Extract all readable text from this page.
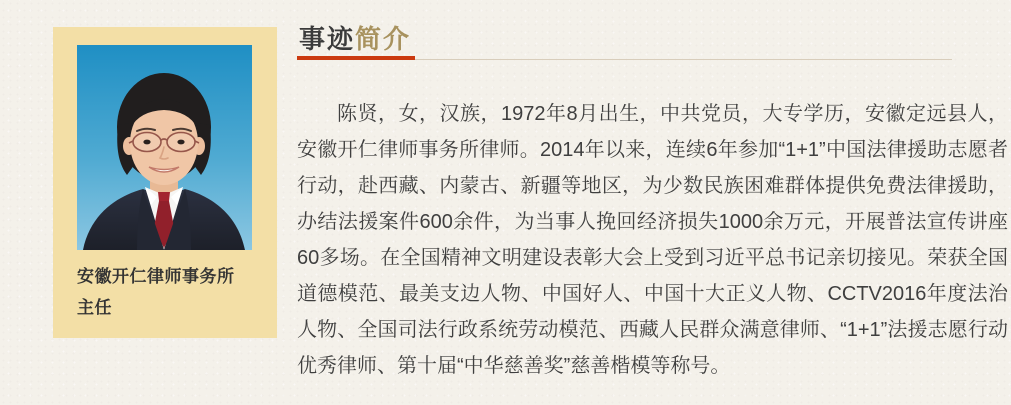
安徽开仁律师事务所
主任
事迹简介

陈贤，女，汉族，1972年8月出生，中共党员，大专学历，安徽定远县人，安徽开仁律师事务所律师。2014年以来，连续6年参加“1+1”中国法律援助志愿者行动，赴西藏、内蒙古、新疆等地区，为少数民族困难群体提供免费法律援助，办结法援案件600余件，为当事人挽回经济损失1000余万元，开展普法宣传讲座60多场。在全国精神文明建设表彰大会上受到习近平总书记亲切接见。荣获全国道德模范、最美支边人物、中国好人、中国十大正义人物、CCTV2016年度法治人物、全国司法行政系统劳动模范、西藏人民群众满意律师、“1+1”法援志愿行动优秀律师、第十届“中华慈善奖”慈善楷模等称号。
